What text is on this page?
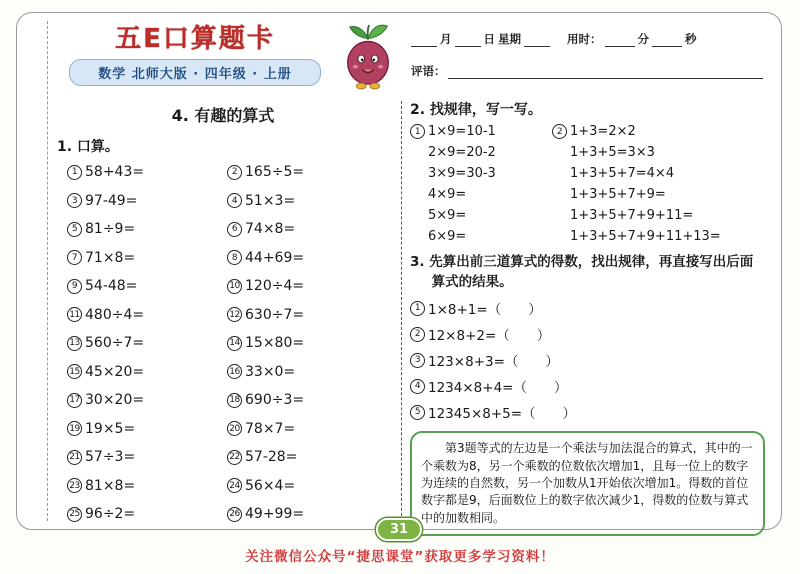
五E口算题卡
数学 北师大版 · 四年级 · 上册
月	日 星期	用时：	分	秒
评语：
4. 有趣的算式
1. 口算。
1 58+43=	2 165÷5=
3 97-49=	4 51×3=
5 81÷9=	6 74×8=
7 71×8=	8 44+69=
9 54-48=	10 120÷4=
11 480÷4=	12 630÷7=
13 560÷7=	14 15×80=
15 45×20=	16 33×0=
17 30×20=	18 690÷3=
19 19×5=	20 78×7=
21 57÷3=	22 57-28=
23 81×8=	24 56×4=
25 96÷2=	26 49+99=
2. 找规律，写一写。
1 1×9=10-1
2×9=20-2
3×9=30-3
4×9=
5×9=
6×9=
2 1+3=2×2
1+3+5=3×3
1+3+5+7=4×4
1+3+5+7+9=
1+3+5+7+9+11=
1+3+5+7+9+11+13=
3. 先算出前三道算式的得数，找出规律，再直接写出后面算式的结果。
1 1×8+1=（　　）
2 12×8+2=（　　）
3 123×8+3=（　　）
4 1234×8+4=（　　）
5 12345×8+5=（　　）

第3题等式的左边是一个乘法与加法混合的算式，其中的一个乘数为8，另一个乘数的位数依次增加1，且每一位上的数字为连续的自然数，另一个加数从1开始依次增加1。得数的首位数字都是9，后面数位上的数字依次减少1，得数的位数与算式中的加数相同。

31
关注微信公众号“捷思课堂”获取更多学习资料！
